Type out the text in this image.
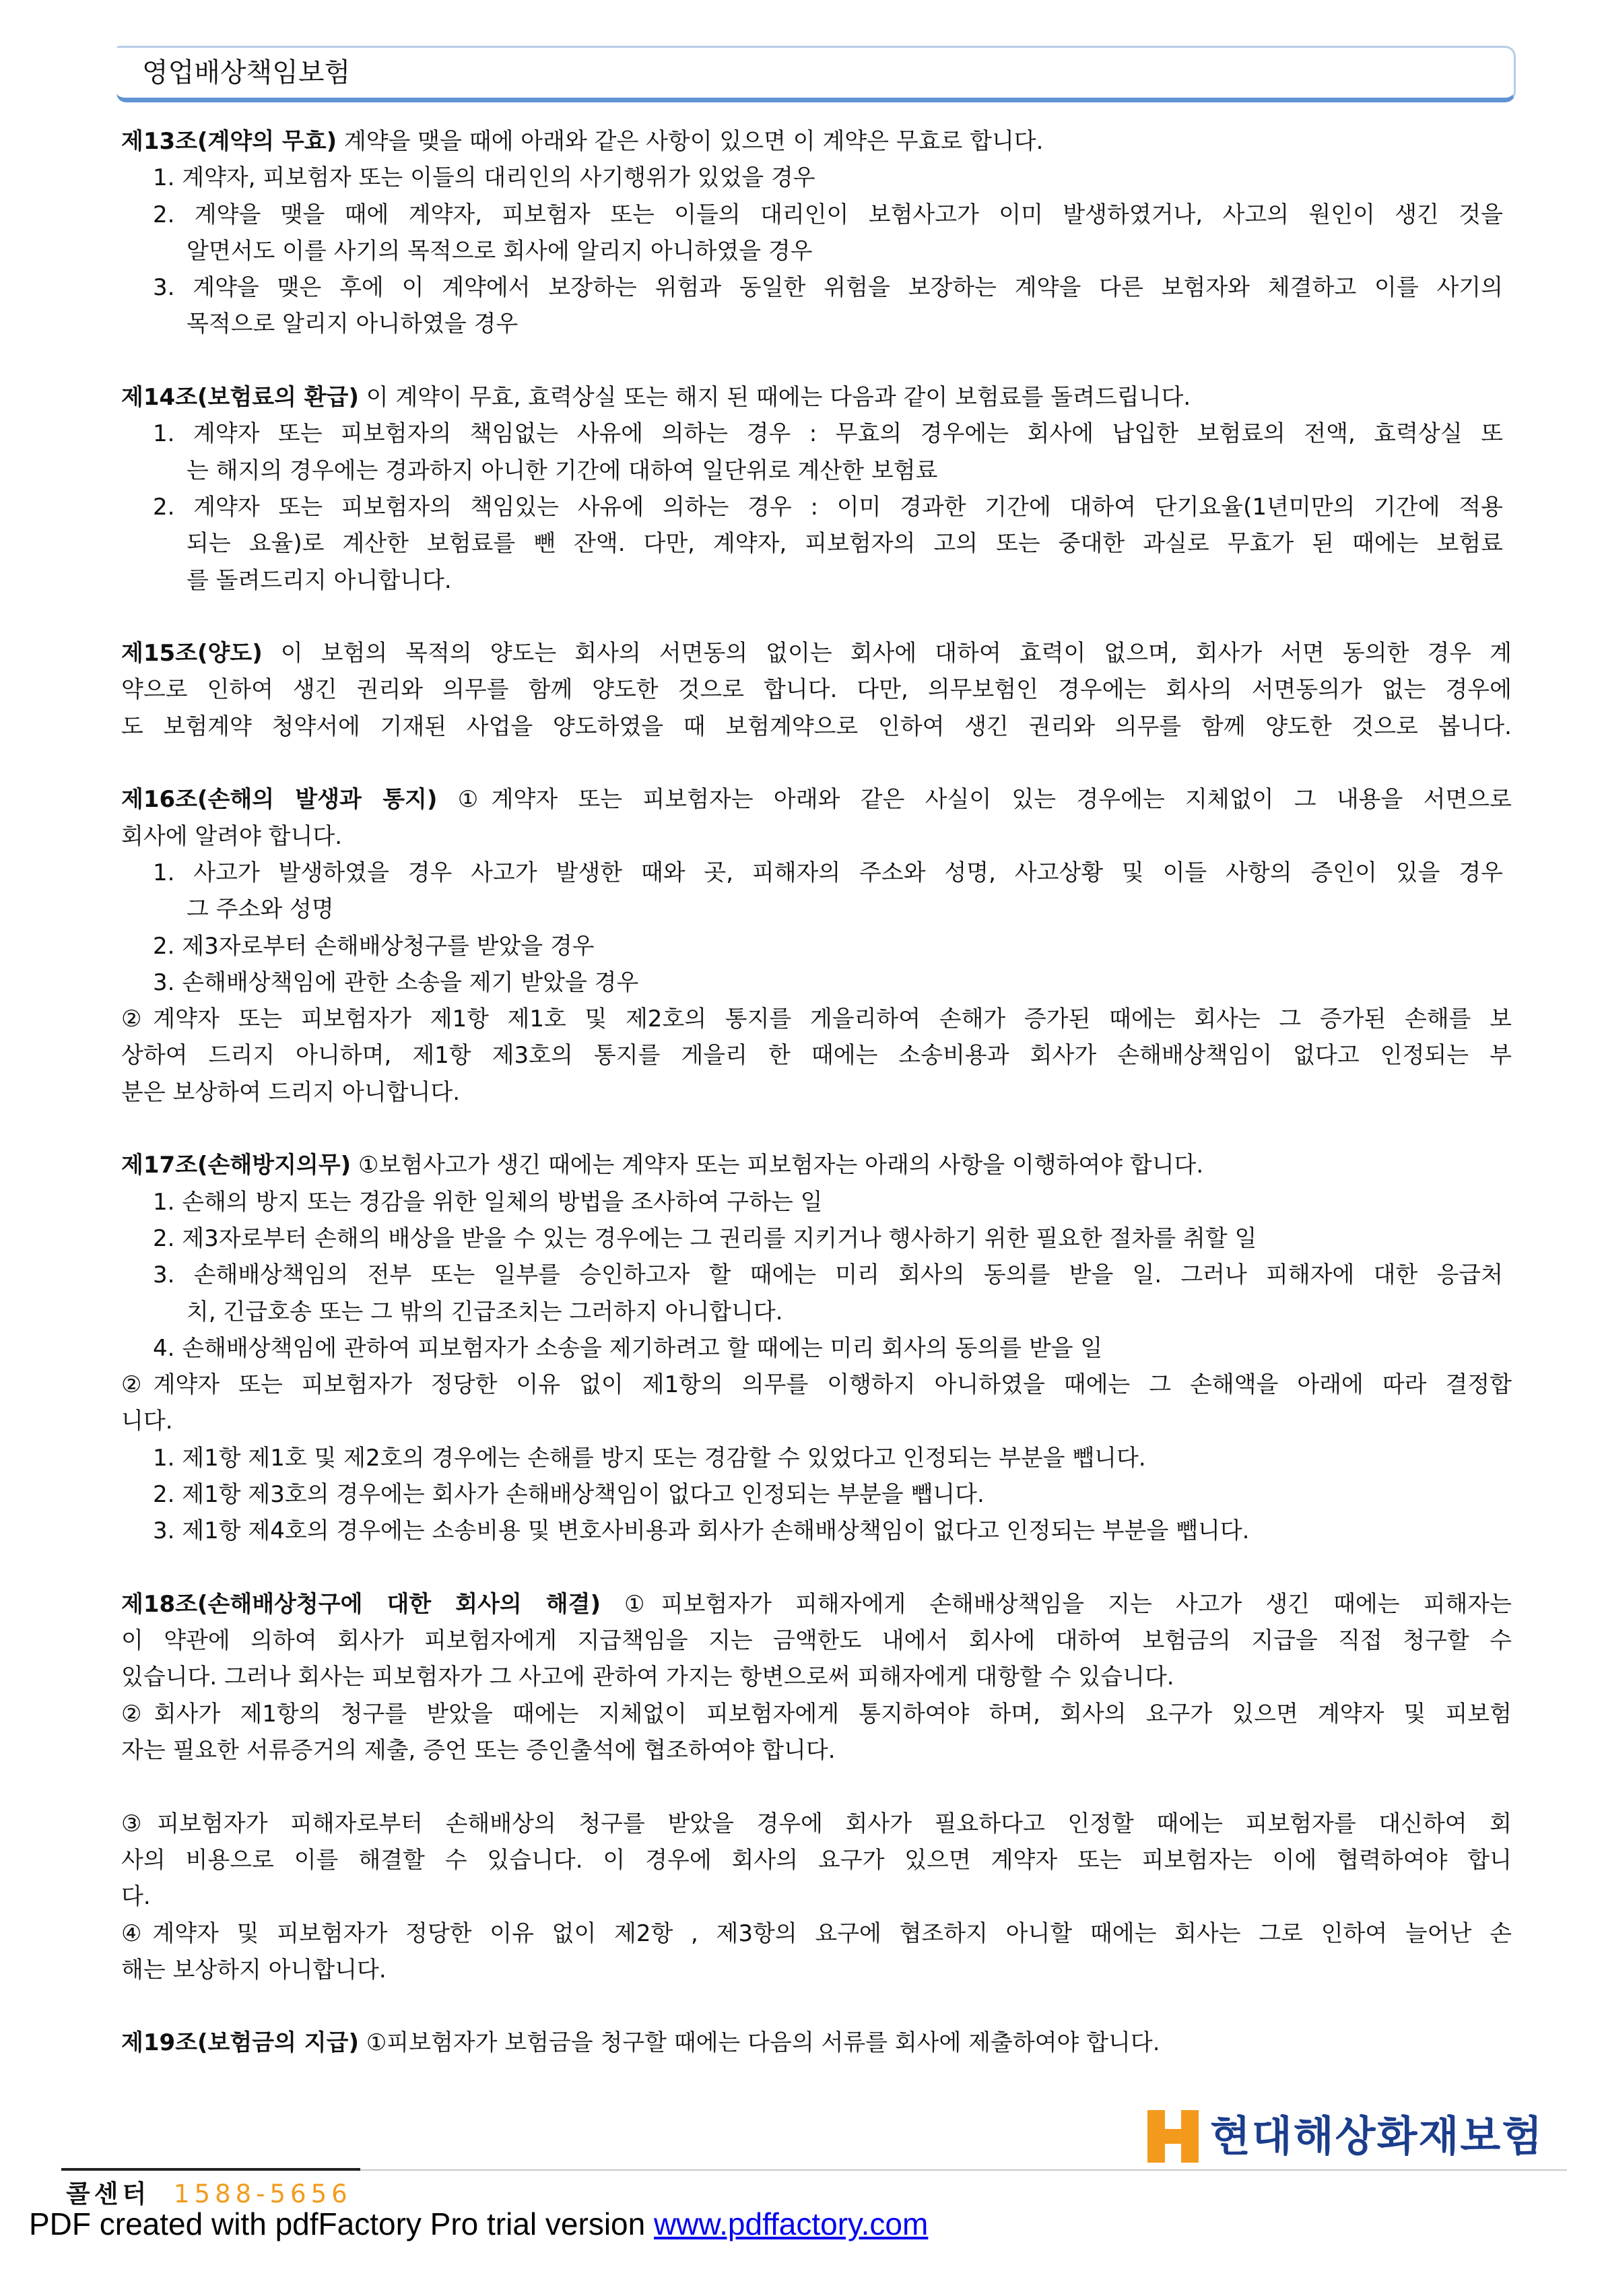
영업배상책임보험
제13조(계약의 무효) 계약을 맺을 때에 아래와 같은 사항이 있으면 이 계약은 무효로 합니다.
1. 계약자, 피보험자 또는 이들의 대리인의 사기행위가 있었을 경우
2. 계약을 맺을 때에 계약자, 피보험자 또는 이들의 대리인이 보험사고가 이미 발생하였거나, 사고의 원인이 생긴 것을
알면서도 이를 사기의 목적으로 회사에 알리지 아니하였을 경우
3. 계약을 맺은 후에 이 계약에서 보장하는 위험과 동일한 위험을 보장하는 계약을 다른 보험자와 체결하고 이를 사기의
목적으로 알리지 아니하였을 경우
제14조(보험료의 환급) 이 계약이 무효, 효력상실 또는 해지 된 때에는 다음과 같이 보험료를 돌려드립니다.
1. 계약자 또는 피보험자의 책임없는 사유에 의하는 경우 : 무효의 경우에는 회사에 납입한 보험료의 전액, 효력상실 또
는 해지의 경우에는 경과하지 아니한 기간에 대하여 일단위로 계산한 보험료
2. 계약자 또는 피보험자의 책임있는 사유에 의하는 경우 : 이미 경과한 기간에 대하여 단기요율(1년미만의 기간에 적용
되는 요율)로 계산한 보험료를 뺀 잔액. 다만, 계약자, 피보험자의 고의 또는 중대한 과실로 무효가 된 때에는 보험료
를 돌려드리지 아니합니다.
제15조(양도) 이 보험의 목적의 양도는 회사의 서면동의 없이는 회사에 대하여 효력이 없으며, 회사가 서면 동의한 경우 계
약으로 인하여 생긴 권리와 의무를 함께 양도한 것으로 합니다. 다만, 의무보험인 경우에는 회사의 서면동의가 없는 경우에
도 보험계약 청약서에 기재된 사업을 양도하였을 때 보험계약으로 인하여 생긴 권리와 의무를 함께 양도한 것으로 봅니다.
제16조(손해의 발생과 통지) ①계약자 또는 피보험자는 아래와 같은 사실이 있는 경우에는 지체없이 그 내용을 서면으로
회사에 알려야 합니다.
1. 사고가 발생하였을 경우 사고가 발생한 때와 곳, 피해자의 주소와 성명, 사고상황 및 이들 사항의 증인이 있을 경우
그 주소와 성명
2. 제3자로부터 손해배상청구를 받았을 경우
3. 손해배상책임에 관한 소송을 제기 받았을 경우
②계약자 또는 피보험자가 제1항 제1호 및 제2호의 통지를 게을리하여 손해가 증가된 때에는 회사는 그 증가된 손해를 보
상하여 드리지 아니하며, 제1항 제3호의 통지를 게을리 한 때에는 소송비용과 회사가 손해배상책임이 없다고 인정되는 부
분은 보상하여 드리지 아니합니다.
제17조(손해방지의무) ①보험사고가 생긴 때에는 계약자 또는 피보험자는 아래의 사항을 이행하여야 합니다.
1. 손해의 방지 또는 경감을 위한 일체의 방법을 조사하여 구하는 일
2. 제3자로부터 손해의 배상을 받을 수 있는 경우에는 그 권리를 지키거나 행사하기 위한 필요한 절차를 취할 일
3. 손해배상책임의 전부 또는 일부를 승인하고자 할 때에는 미리 회사의 동의를 받을 일. 그러나 피해자에 대한 응급처
치, 긴급호송 또는 그 밖의 긴급조치는 그러하지 아니합니다.
4. 손해배상책임에 관하여 피보험자가 소송을 제기하려고 할 때에는 미리 회사의 동의를 받을 일
②계약자 또는 피보험자가 정당한 이유 없이 제1항의 의무를 이행하지 아니하였을 때에는 그 손해액을 아래에 따라 결정합
니다.
1. 제1항 제1호 및 제2호의 경우에는 손해를 방지 또는 경감할 수 있었다고 인정되는 부분을 뺍니다.
2. 제1항 제3호의 경우에는 회사가 손해배상책임이 없다고 인정되는 부분을 뺍니다.
3. 제1항 제4호의 경우에는 소송비용 및 변호사비용과 회사가 손해배상책임이 없다고 인정되는 부분을 뺍니다.
제18조(손해배상청구에 대한 회사의 해결) ①피보험자가 피해자에게 손해배상책임을 지는 사고가 생긴 때에는 피해자는
이 약관에 의하여 회사가 피보험자에게 지급책임을 지는 금액한도 내에서 회사에 대하여 보험금의 지급을 직접 청구할 수
있습니다. 그러나 회사는 피보험자가 그 사고에 관하여 가지는 항변으로써 피해자에게 대항할 수 있습니다.
②회사가 제1항의 청구를 받았을 때에는 지체없이 피보험자에게 통지하여야 하며, 회사의 요구가 있으면 계약자 및 피보험
자는 필요한 서류증거의 제출, 증언 또는 증인출석에 협조하여야 합니다.
③피보험자가 피해자로부터 손해배상의 청구를 받았을 경우에 회사가 필요하다고 인정할 때에는 피보험자를 대신하여 회
사의 비용으로 이를 해결할 수 있습니다. 이 경우에 회사의 요구가 있으면 계약자 또는 피보험자는 이에 협력하여야 합니
다.
④계약자 및 피보험자가 정당한 이유 없이 제2항 , 제3항의 요구에 협조하지 아니할 때에는 회사는 그로 인하여 늘어난 손
해는 보상하지 아니합니다.
제19조(보험금의 지급) ①피보험자가 보험금을 청구할 때에는 다음의 서류를 회사에 제출하여야 합니다.
현대해상화재보험
콜센터 1588-5656
PDF created with pdfFactory Pro trial version www.pdffactory.com
